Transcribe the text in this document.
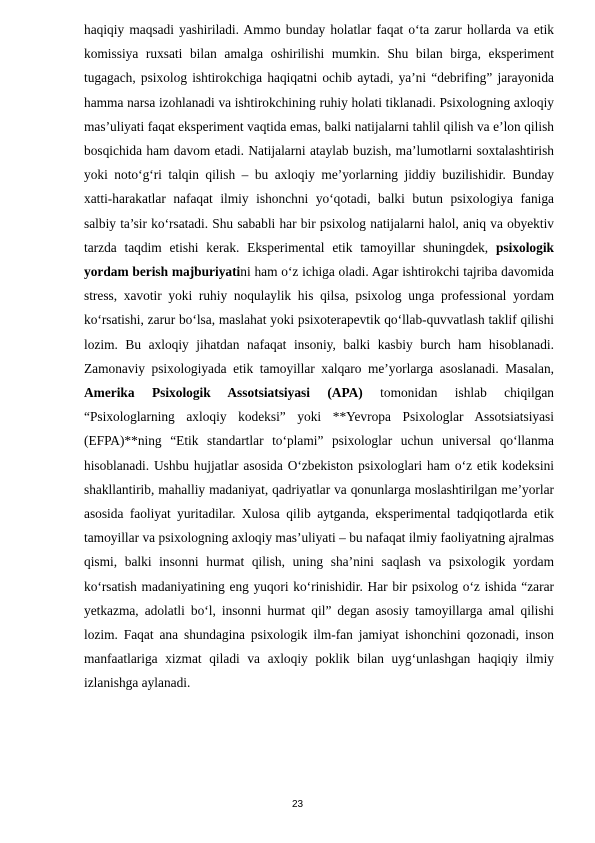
haqiqiy maqsadi yashiriladi. Ammo bunday holatlar faqat o‘ta zarur hollarda va etik komissiya ruxsati bilan amalga oshirilishi mumkin. Shu bilan birga, eksperiment tugagach, psixolog ishtirokchiga haqiqatni ochib aytadi, ya’ni “debrifing” jarayonida hamma narsa izohlanadi va ishtirokchining ruhiy holati tiklanadi. Psixologning axloqiy mas’uliyati faqat eksperiment vaqtida emas, balki natijalarni tahlil qilish va e’lon qilish bosqichida ham davom etadi. Natijalarni ataylab buzish, ma’lumotlarni soxtalashtirish yoki noto‘g‘ri talqin qilish – bu axloqiy me’yorlarning jiddiy buzilishidir. Bunday xatti-harakatlar nafaqat ilmiy ishonchni yo‘qotadi, balki butun psixologiya faniga salbiy ta’sir ko‘rsatadi. Shu sababli har bir psixolog natijalarni halol, aniq va obyektiv tarzda taqdim etishi kerak. Eksperimental etik tamoyillar shuningdek, psixologik yordam berish majburiyatini ham o‘z ichiga oladi. Agar ishtirokchi tajriba davomida stress, xavotir yoki ruhiy noqulaylik his qilsa, psixolog unga professional yordam ko‘rsatishi, zarur bo‘lsa, maslahat yoki psixoterapevtik qo‘llab-quvvatlash taklif qilishi lozim. Bu axloqiy jihatdan nafaqat insoniy, balki kasbiy burch ham hisoblanadi. Zamonaviy psixologiyada etik tamoyillar xalqaro me’yorlarga asoslanadi. Masalan, Amerika Psixologik Assotsiatsiyasi (APA) tomonidan ishlab chiqilgan “Psixologlarning axloqiy kodeksi” yoki **Yevropa Psixologlar Assotsiatsiyasi (EFPA)**ning “Etik standartlar to‘plami” psixologlar uchun universal qo‘llanma hisoblanadi. Ushbu hujjatlar asosida O‘zbekiston psixologlari ham o‘z etik kodeksini shakllantirib, mahalliy madaniyat, qadriyatlar va qonunlarga moslashtirilgan me’yorlar asosida faoliyat yuritadilar. Xulosa qilib aytganda, eksperimental tadqiqotlarda etik tamoyillar va psixologning axloqiy mas’uliyati – bu nafaqat ilmiy faoliyatning ajralmas qismi, balki insonni hurmat qilish, uning sha’nini saqlash va psixologik yordam ko‘rsatish madaniyatining eng yuqori ko‘rinishidir. Har bir psixolog o‘z ishida “zarar yetkazma, adolatli bo‘l, insonni hurmat qil” degan asosiy tamoyillarga amal qilishi lozim. Faqat ana shundagina psixologik ilm-fan jamiyat ishonchini qozonadi, inson manfaatlariga xizmat qiladi va axloqiy poklik bilan uyg‘unlashgan haqiqiy ilmiy izlanishga aylanadi.

23
